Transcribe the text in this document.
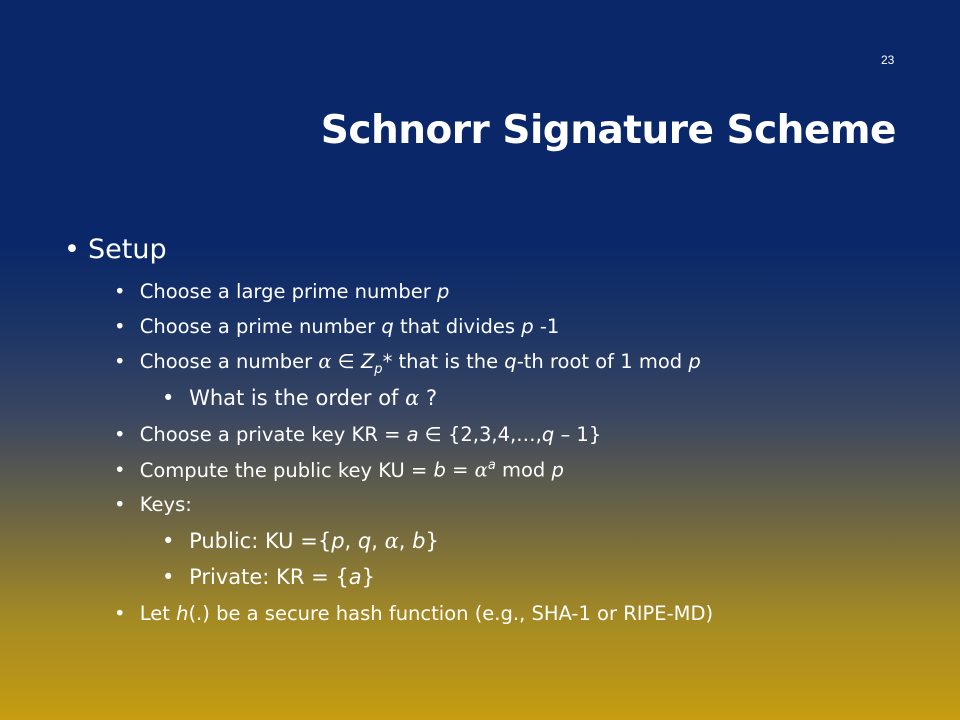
23
Schnorr Signature Scheme
• Setup
• Choose a large prime number p
• Choose a prime number q that divides p -1
• Choose a number α ∈ $Z_p*$ that is the q-th root of 1 mod p
• What is the order of α ?
• Choose a private key KR = a ∈ {2,3,4,…,q – 1}
• Compute the public key KU = $b = \alpha^a$ mod p
• Keys:
• Public: KU ={p, q, α, b}
• Private: KR = {a}
• Let h(.) be a secure hash function (e.g., SHA-1 or RIPE-MD)
